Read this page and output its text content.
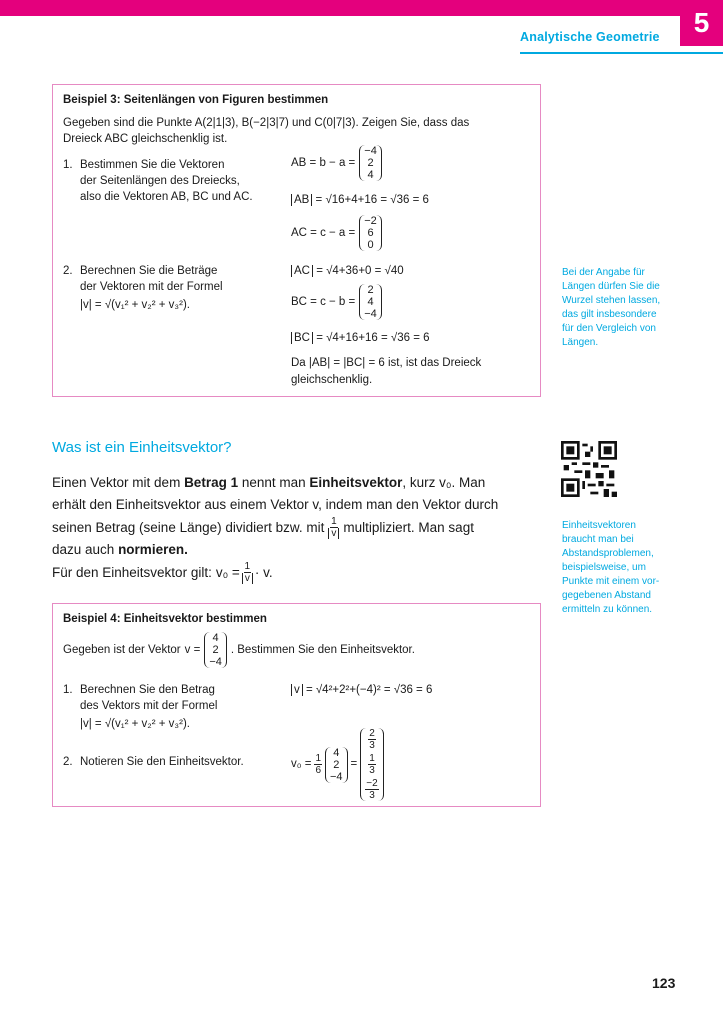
5
Analytische Geometrie
Beispiel 3: Seitenlängen von Figuren bestimmen
Gegeben sind die Punkte A(2|1|3), B(−2|3|7) und C(0|7|3). Zeigen Sie, dass das
Dreieck ABC gleichschenklig ist.
1. Bestimmen Sie die Vektoren
der Seitenlängen des Dreiecks,
also die Vektoren AB, BC und AC.
2. Berechnen Sie die Beträge
der Vektoren mit der Formel
|v| = √(v₁² + v₂² + v₃²).
AB = b − a =
−4
2
4
AB = √16+4+16 = √36 = 6
AC = c − a =
−2
6
0
AC = √4+36+0 = √40
BC = c − b =
2
4
−4
BC = √4+16+16 = √36 = 6
Da |AB| = |BC| = 6 ist, ist das Dreieck
gleichschenklig.
Bei der Angabe für
Längen dürfen Sie die
Wurzel stehen lassen,
das gilt insbesondere
für den Vergleich von
Längen.
Was ist ein Einheitsvektor?
Einen Vektor mit dem Betrag 1 nennt man Einheitsvektor, kurz v₀. Man
erhält den Einheitsvektor aus einem Vektor v, indem man den Vektor durch
seinen Betrag (seine Länge) dividiert bzw. mit $\frac{1}{v}$ multipliziert. Man sagt
dazu auch normieren.
Für den Einheitsvektor gilt: $v_0 = \frac{1}{v} \cdot v$.
Einheitsvektoren
braucht man bei
Abstandsproblemen,
beispielsweise, um
Punkte mit einem vor-
gegebenen Abstand
ermitteln zu können.
Beispiel 4: Einheitsvektor bestimmen
Gegeben ist der Vektor v =
4
2
−4
. Bestimmen Sie den Einheitsvektor.
1. Berechnen Sie den Betrag
des Vektors mit der Formel
|v| = √(v₁² + v₂² + v₃²).
v = √4²+2²+(−4)² = √36 = 6
2. Notieren Sie den Einheitsvektor.	$v_0 = \frac{1}{6}$
4
2
−4
=
$\frac{2}{3}$
$\frac{1}{3}$
$\frac{-2}{3}$
123
